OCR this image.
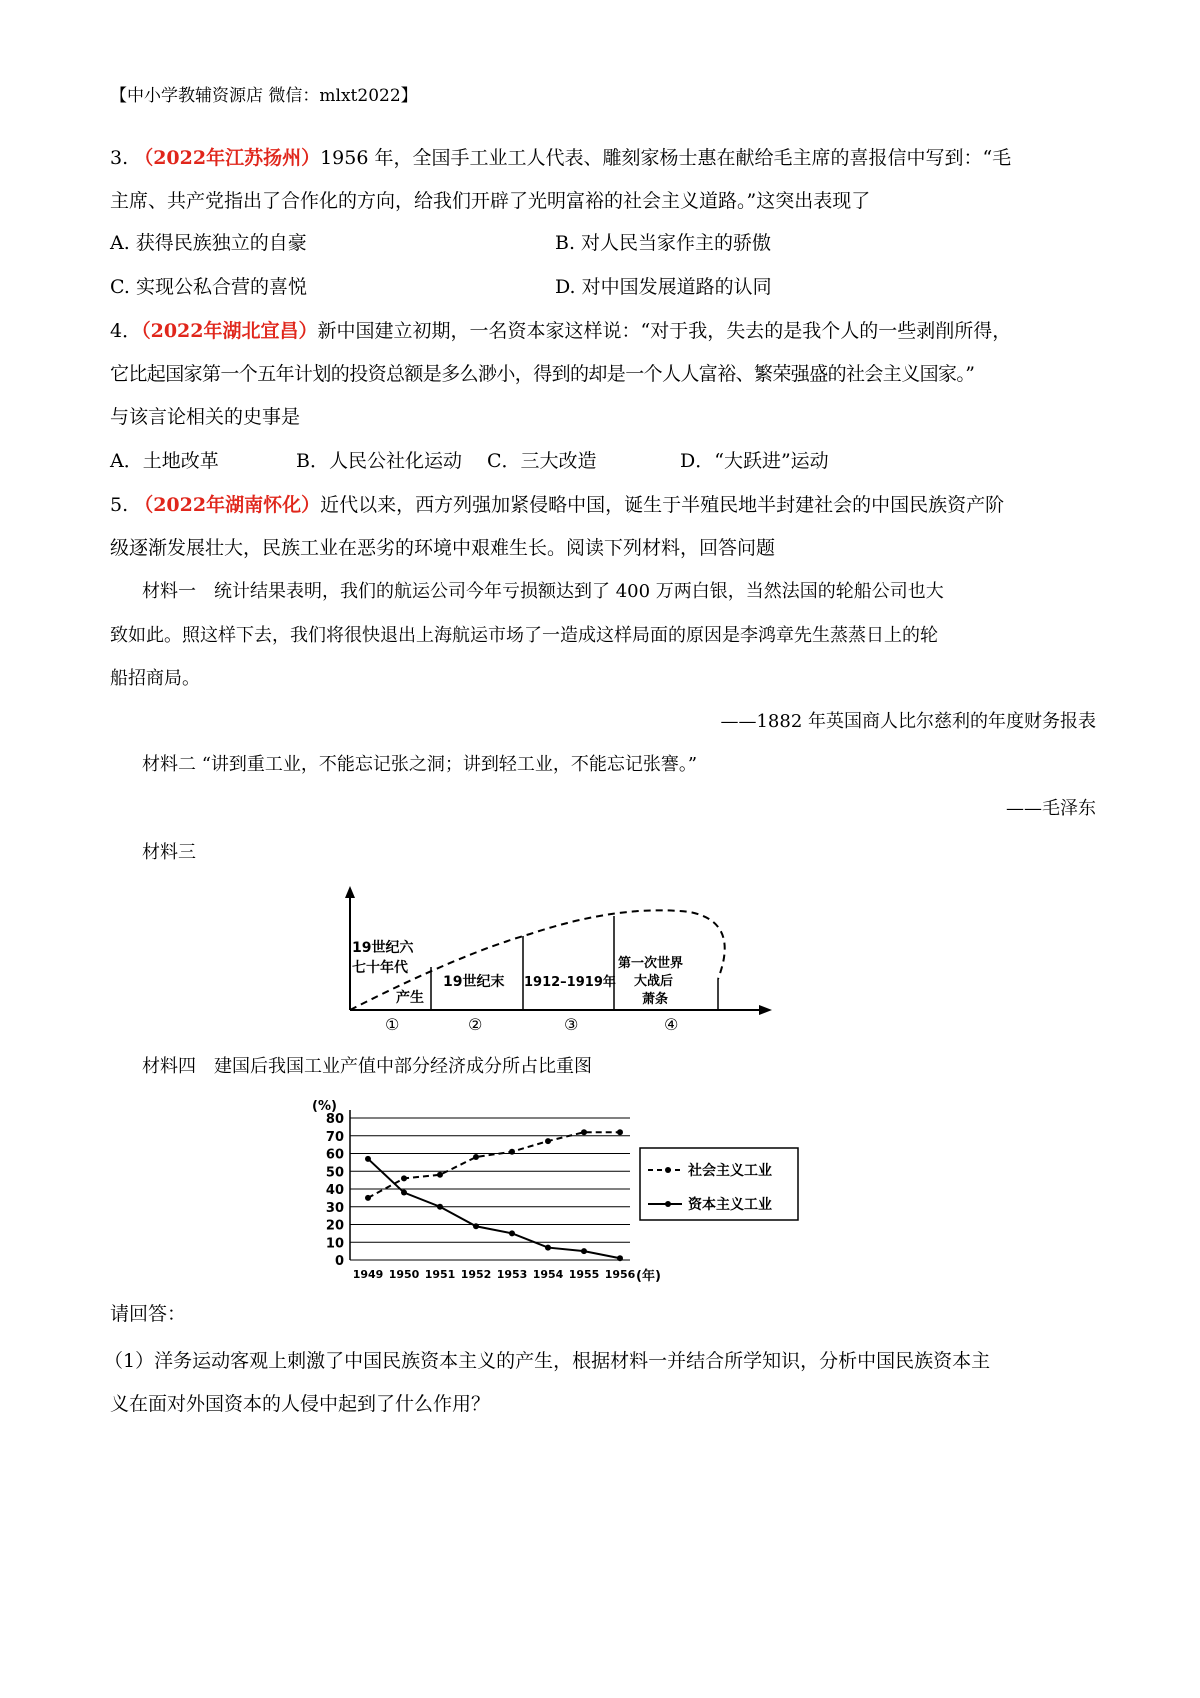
【中小学教辅资源店 微信：mlxt2022】
3. （2022年江苏扬州）1956 年，全国手工业工人代表、雕刻家杨士惠在献给毛主席的喜报信中写到：“毛
主席、共产党指出了合作化的方向，给我们开辟了光明富裕的社会主义道路。”这突出表现了
A. 获得民族独立的自豪	B. 对人民当家作主的骄傲
C. 实现公私合营的喜悦	D. 对中国发展道路的认同
4．（2022年湖北宜昌）新中国建立初期，一名资本家这样说：“对于我，失去的是我个人的一些剥削所得，
它比起国家第一个五年计划的投资总额是多么渺小，得到的却是一个人人富裕、繁荣强盛的社会主义国家。”
与该言论相关的史事是
A．土地改革	B．人民公社化运动 C．三大改造	D．“大跃进”运动
5. （2022年湖南怀化）近代以来，西方列强加紧侵略中国，诞生于半殖民地半封建社会的中国民族资产阶
级逐渐发展壮大，民族工业在恶劣的环境中艰难生长。阅读下列材料，回答问题
材料一　统计结果表明，我们的航运公司今年亏损额达到了 400 万两白银，当然法国的轮船公司也大
致如此。照这样下去，我们将很快退出上海航运市场了一造成这样局面的原因是李鸿章先生蒸蒸日上的轮
船招商局。
——1882 年英国商人比尔慈利的年度财务报表
材料二 “讲到重工业，不能忘记张之洞；讲到轻工业，不能忘记张謇。”
——毛泽东
材料三
19世纪六
七十年代
产生
19世纪末 1912–1919年
第一次世界
大战后
萧条
①	②	③	④
材料四　建国后我国工业产值中部分经济成分所占比重图
0
10
20
30
40
50
60
70
80
(%)
1949 1950 1951 1952 1953 1954 1955 1956 (年)
社会主义工业
资本主义工业
请回答：
（1）洋务运动客观上刺激了中国民族资本主义的产生，根据材料一并结合所学知识，分析中国民族资本主
义在面对外国资本的人侵中起到了什么作用？
